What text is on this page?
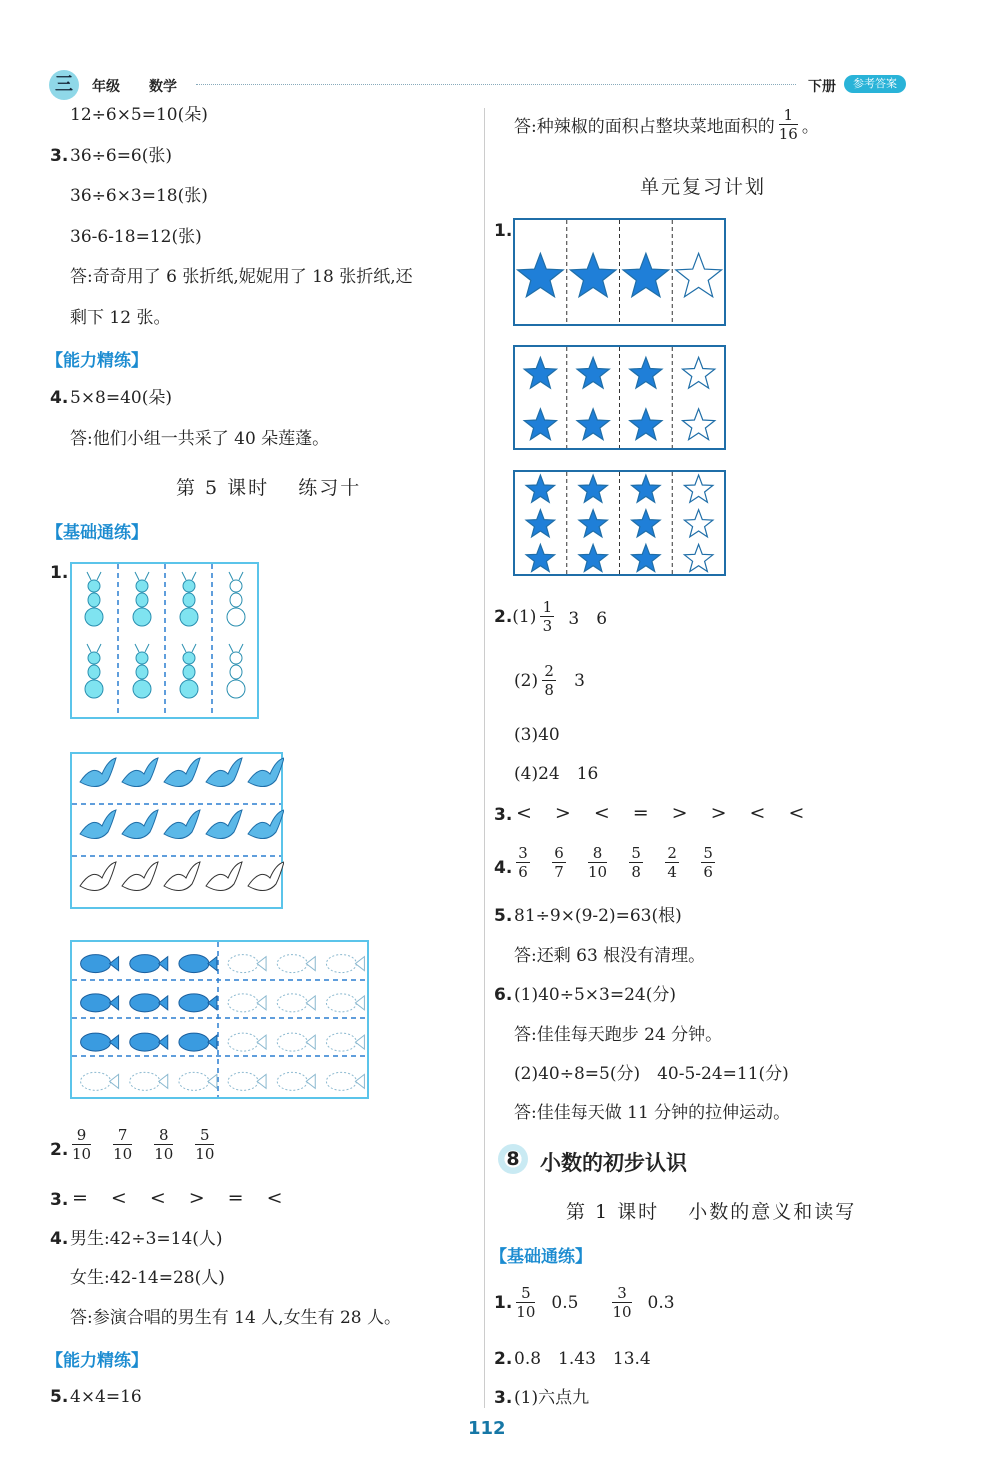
三	年级 数学	下册	参考答案
12÷6×5=10(朵)
3. 36÷6=6(张)
36÷6×3=18(张)
36-6-18=12(张)
答:奇奇用了 6 张折纸,妮妮用了 18 张折纸,还
剩下 12 张。
【能力精练】
4. 5×8=40(朵)
答:他们小组一共采了 40 朵莲蓬。
第 5 课时　 练习十
【基础通练】
1.
2. $\frac{9}{10} \frac{7}{10} \frac{8}{10} \frac{5}{10}$
3. =　<　<　>　=　<
4. 男生:42÷3=14(人)
女生:42-14=28(人)
答:参演合唱的男生有 14 人,女生有 28 人。
【能力精练】
5. 4×4=16
答:种辣椒的面积占整块菜地面积的 $\frac{1}{16}$ 。
单元复习计划
1.
2. $(1) \frac{1}{3} 3$　6
$(2) \frac{2}{8} 3$
(3)40
(4)24　16
3. <　>　<　=　>　>　<　<
4. $\frac{3}{6} \frac{6}{7} \frac{8}{10} \frac{5}{8} \frac{2}{4} \frac{5}{6}$
5. 81÷9×(9-2)=63(根)
答:还剩 63 根没有清理。
6. (1)40÷5×3=24(分)
答:佳佳每天跑步 24 分钟。
(2)40÷8=5(分)　40-5-24=11(分)
答:佳佳每天做 11 分钟的拉伸运动。
8 小数的初步认识
第 1 课时　 小数的意义和读写
【基础通练】
1. $\frac{5}{10} 0.5 \frac{3}{10} 0.3$
2. 0.8　1.43　13.4
3. (1)六点九
112
